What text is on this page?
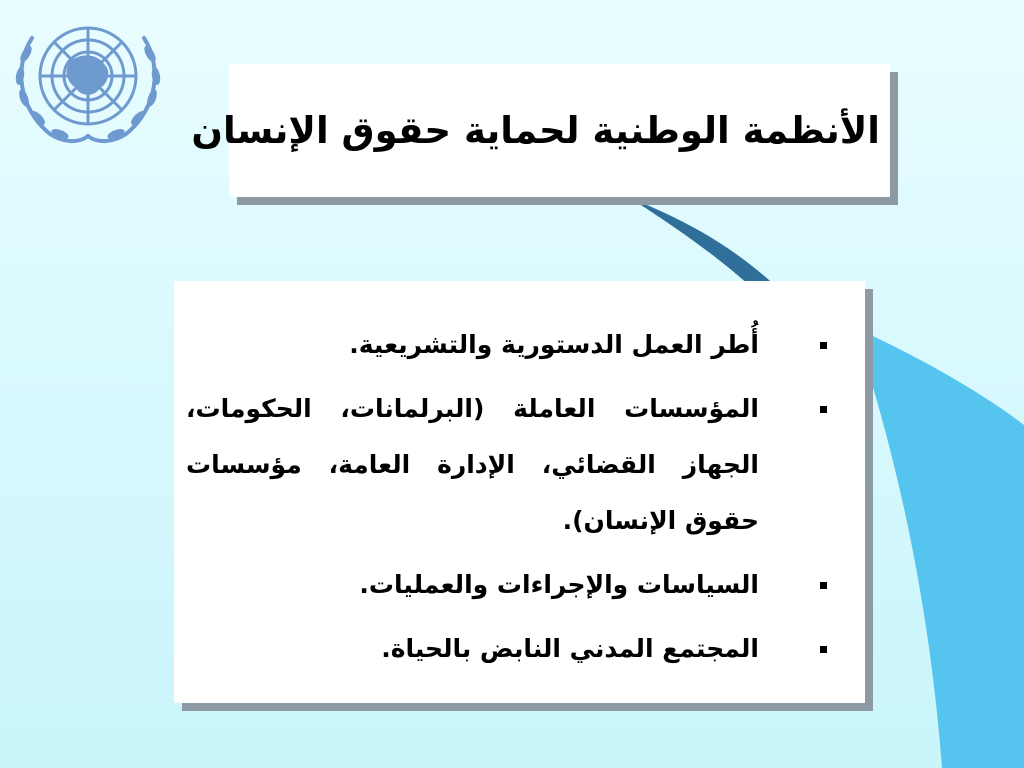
الأنظمة الوطنية لحماية حقوق الإنسان
أُطر العمل الدستورية والتشريعية.
المؤسسات العاملة (البرلمانات، الحكومات، الجهاز القضائي، الإدارة العامة، مؤسسات حقوق الإنسان).
السياسات والإجراءات والعمليات.
المجتمع المدني النابض بالحياة.
